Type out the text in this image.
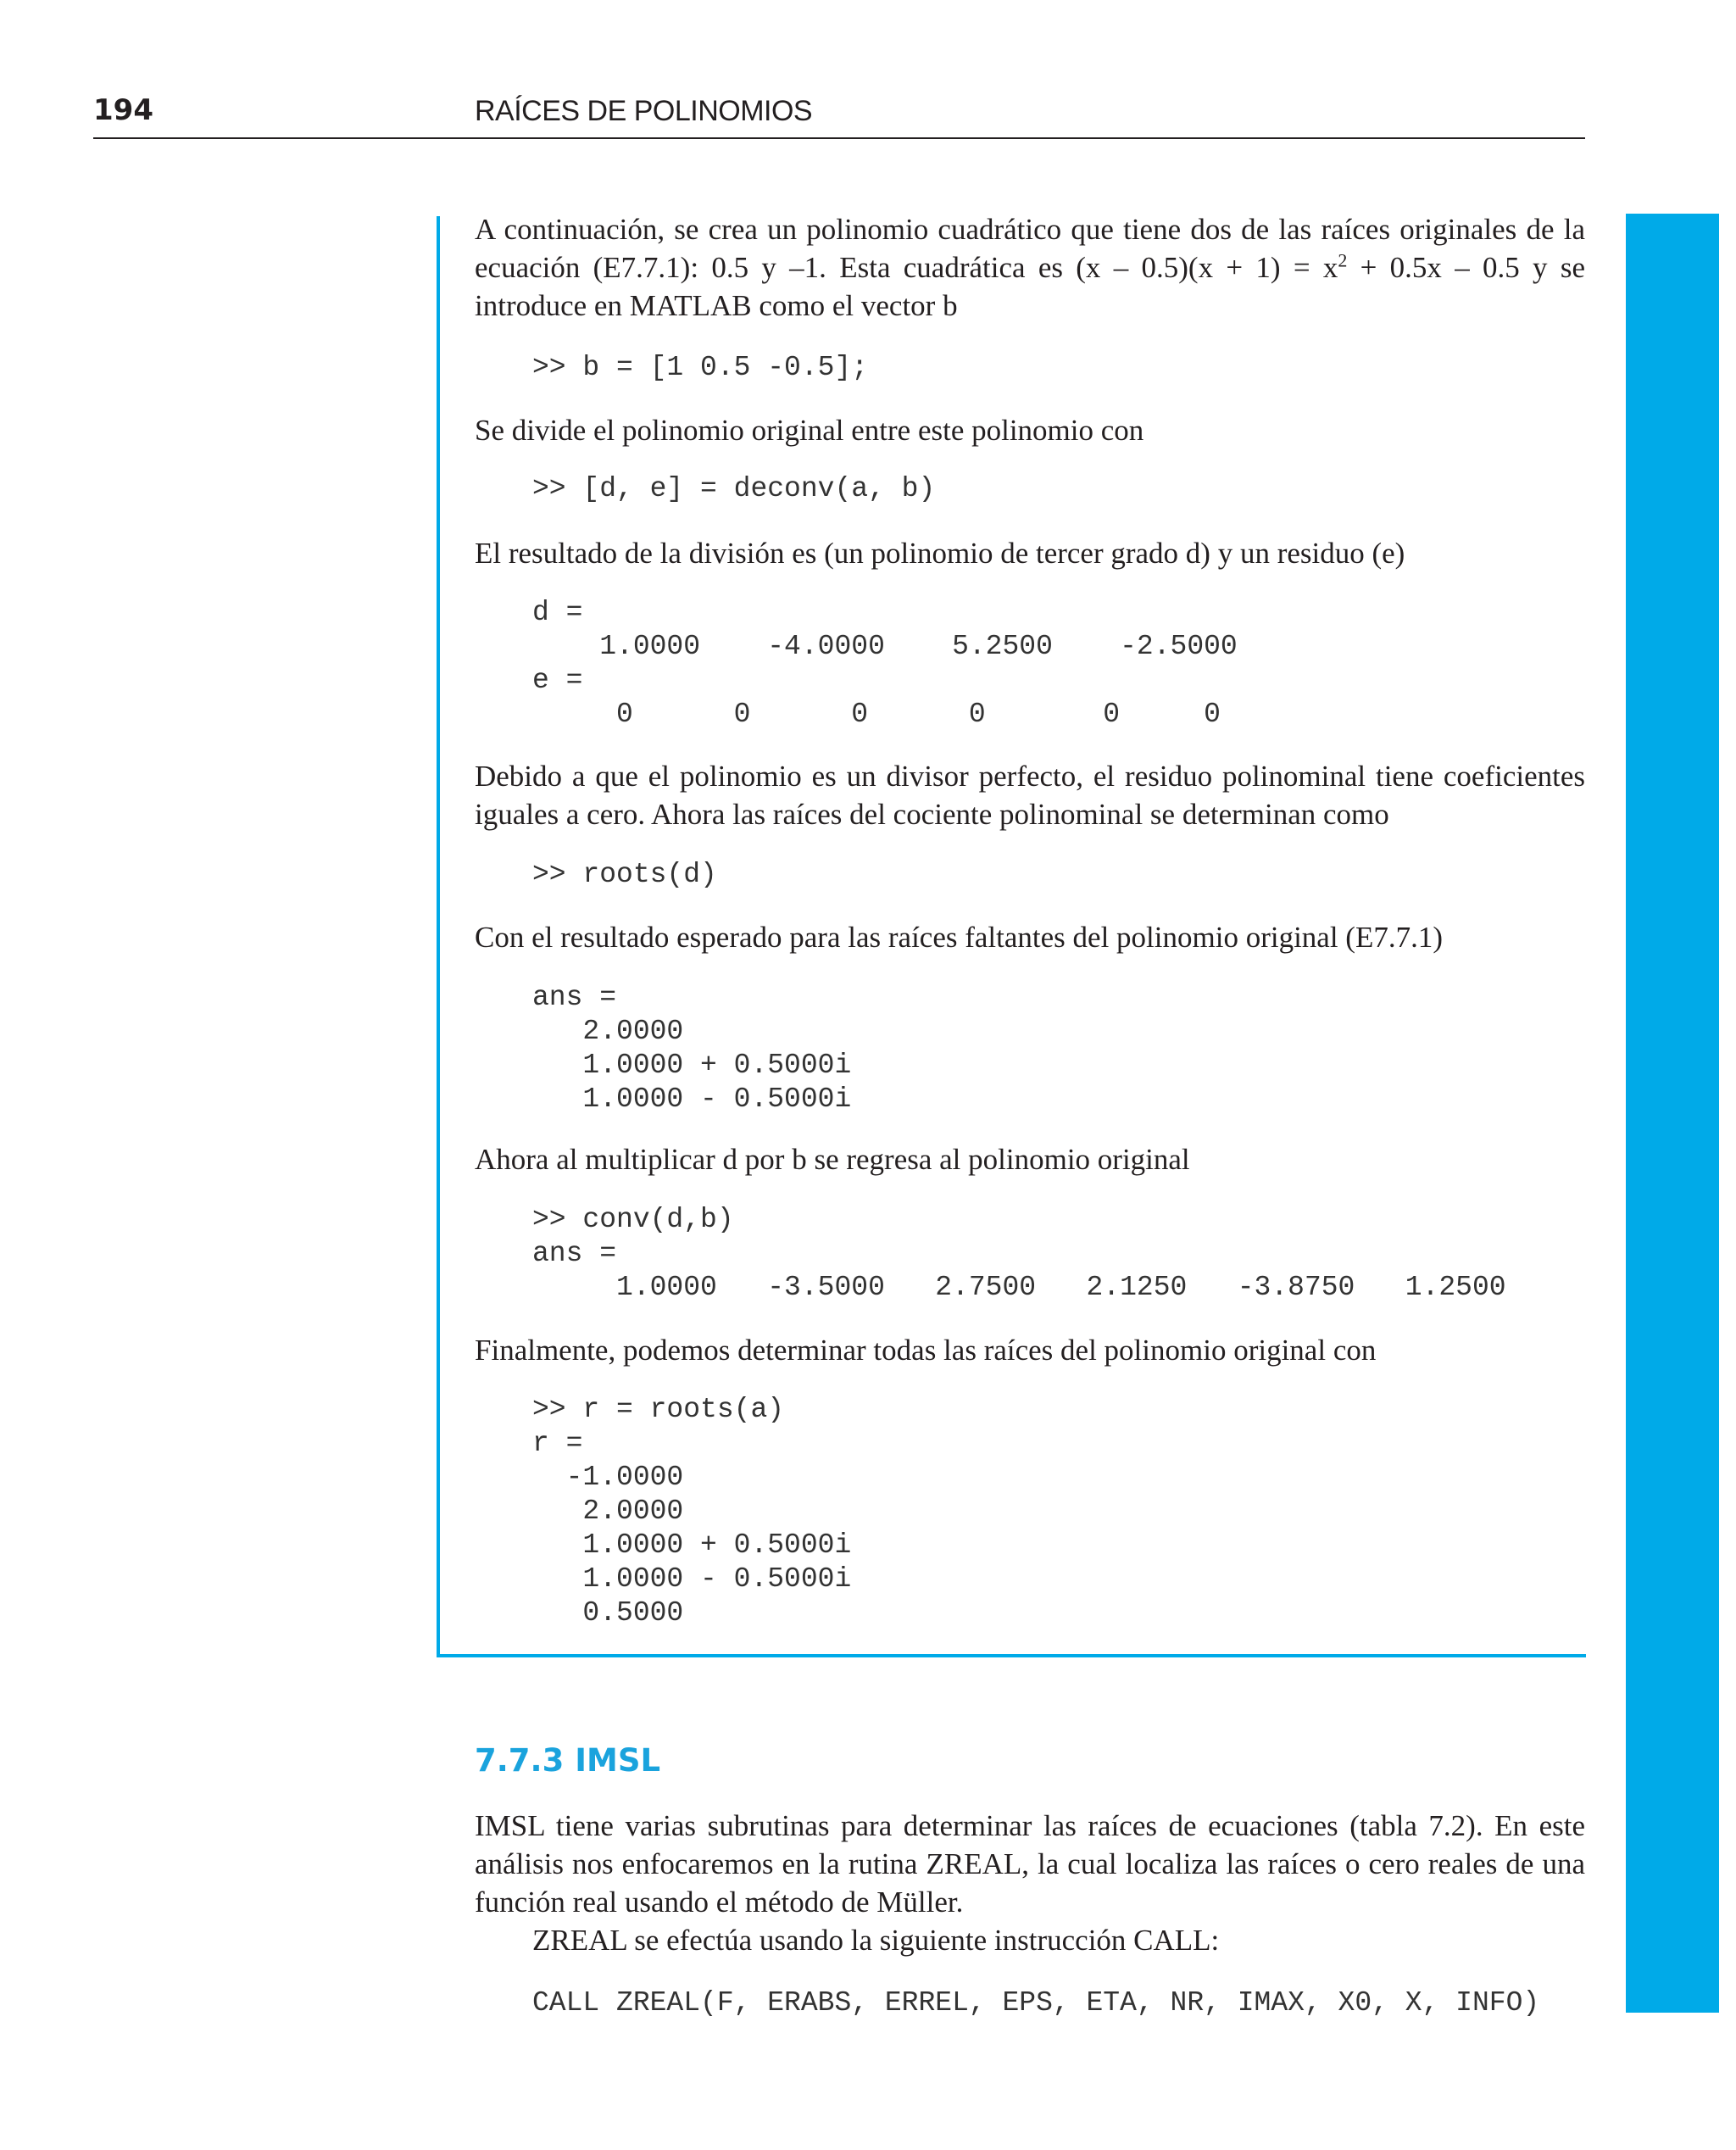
194	RAÍCES DE POLINOMIOS

A continuación, se crea un polinomio cuadrático que tiene dos de las raíces originales de la ecuación (E7.7.1): 0.5 y –1. Esta cuadrática es $(x - 0.5)(x + 1) = x^2 + 0.5x - 0.5$ y se introduce en MATLAB como el vector b

>> b = [1 0.5 -0.5];

Se divide el polinomio original entre este polinomio con

>> [d, e] = deconv(a, b)

El resultado de la división es (un polinomio de tercer grado d) y un residuo (e)

d =
1.0000    -4.0000    5.2500    -2.5000
e =
0      0      0      0       0     0

Debido a que el polinomio es un divisor perfecto, el residuo polinominal tiene coeficientes iguales a cero. Ahora las raíces del cociente polinominal se determinan como

>> roots(d)

Con el resultado esperado para las raíces faltantes del polinomio original (E7.7.1)

ans =
2.0000
1.0000 + 0.5000i
1.0000 - 0.5000i

Ahora al multiplicar d por b se regresa al polinomio original

>> conv(d,b)
ans =
1.0000   -3.5000   2.7500   2.1250   -3.8750   1.2500

Finalmente, podemos determinar todas las raíces del polinomio original con

>> r = roots(a)
r =
-1.0000
2.0000
1.0000 + 0.5000i
1.0000 - 0.5000i
0.5000
7.7.3 IMSL

IMSL tiene varias subrutinas para determinar las raíces de ecuaciones (tabla 7.2). En este análisis nos enfocaremos en la rutina ZREAL, la cual localiza las raíces o cero reales de una función real usando el método de Müller.

ZREAL se efectúa usando la siguiente instrucción CALL:

CALL ZREAL(F, ERABS, ERREL, EPS, ETA, NR, IMAX, X0, X, INFO)
